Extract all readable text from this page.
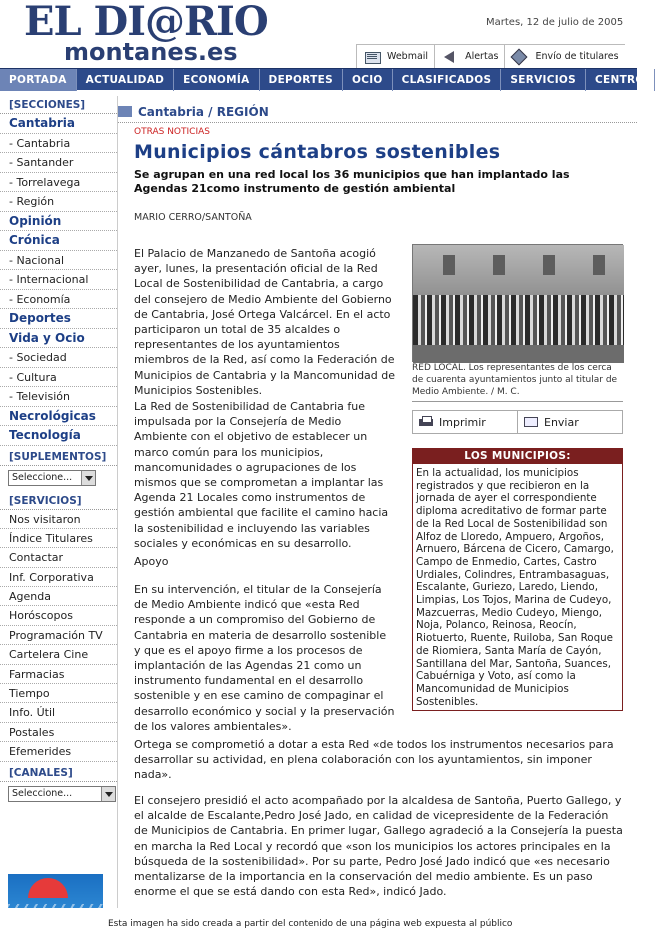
EL DI@RIO
montanes.es
Martes, 12 de julio de 2005
Webmail	Alertas	Envío de titulares
PORTADA	ACTUALIDAD	ECONOMÍA	DEPORTES	OCIO	CLASIFICADOS	SERVICIOS	CENTRO
[SECCIONES]
Cantabria
- Cantabria
- Santander
- Torrelavega
- Región
Opinión
Crónica
- Nacional
- Internacional
- Economía
Deportes
Vida y Ocio
- Sociedad
- Cultura
- Televisión
Necrológicas
Tecnología
[SUPLEMENTOS]
Seleccione...
[SERVICIOS]
Nos visitaron
Índice Titulares
Contactar
Inf. Corporativa
Agenda
Horóscopos
Programación TV
Cartelera Cine
Farmacias
Tiempo
Info. Útil
Postales
Efemerides
[CANALES]
Seleccione...
Cantabria / REGIÓN
OTRAS NOTICIAS
Municipios cántabros sostenibles
Se agrupan en una red local los 36 municipios que han implantado las Agendas 21como instrumento de gestión ambiental
MARIO CERRO/SANTOÑA
El Palacio de Manzanedo de Santoña acogió ayer, lunes, la presentación oficial de la Red Local de Sostenibilidad de Cantabria, a cargo del consejero de Medio Ambiente del Gobierno de Cantabria, José Ortega Valcárcel. En el acto participaron un total de 35 alcaldes o representantes de los ayuntamientos miembros de la Red, así como la Federación de Municipios de Cantabria y la Mancomunidad de Municipios Sostenibles.
La Red de Sostenibilidad de Cantabria fue impulsada por la Consejería de Medio Ambiente con el objetivo de establecer un marco común para los municipios, mancomunidades o agrupaciones de los mismos que se comprometan a implantar las Agenda 21 Locales como instrumentos de gestión ambiental que facilite el camino hacia la sostenibilidad e incluyendo las variables sociales y económicas en su desarrollo.
Apoyo
En su intervención, el titular de la Consejería de Medio Ambiente indicó que «esta Red responde a un compromiso del Gobierno de Cantabria en materia de desarrollo sostenible y que es el apoyo firme a los procesos de implantación de las Agendas 21 como un instrumento fundamental en el desarrollo sostenible y en ese camino de compaginar el desarrollo económico y social y la preservación de los valores ambientales».
Ortega se comprometió a dotar a esta Red «de todos los instrumentos necesarios para desarrollar su actividad, en plena colaboración con los ayuntamientos, sin imponer nada».
El consejero presidió el acto acompañado por la alcaldesa de Santoña, Puerto Gallego, y el alcalde de Escalante,Pedro José Jado, en calidad de vicepresidente de la Federación de Municipios de Cantabria. En primer lugar, Gallego agradeció a la Consejería la puesta en marcha la Red Local y recordó que «son los municipios los actores principales en la búsqueda de la sostenibilidad». Por su parte, Pedro José Jado indicó que «es necesario mentalizarse de la importancia en la conservación del medio ambiente. Es un paso enorme el que se está dando con esta Red», indicó Jado.
RED LOCAL. Los representantes de los cerca de cuarenta ayuntamientos junto al titular de Medio Ambiente. / M. C.
Imprimir	Enviar
LOS MUNICIPIOS:
En la actualidad, los municipios registrados y que recibieron en la jornada de ayer el correspondiente diploma acreditativo de formar parte de la Red Local de Sostenibilidad son Alfoz de Lloredo, Ampuero, Argoños, Arnuero, Bárcena de Cicero, Camargo, Campo de Enmedio, Cartes, Castro Urdiales, Colindres, Entrambasaguas, Escalante, Guriezo, Laredo, Liendo, Limpias, Los Tojos, Marina de Cudeyo, Mazcuerras, Medio Cudeyo, Miengo, Noja, Polanco, Reinosa, Reocín, Riotuerto, Ruente, Ruiloba, San Roque de Riomiera, Santa María de Cayón, Santillana del Mar, Santoña, Suances, Cabuérniga y Voto, así como la Mancomunidad de Municipios Sostenibles.
Esta imagen ha sido creada a partir del contenido de una página web expuesta al público
